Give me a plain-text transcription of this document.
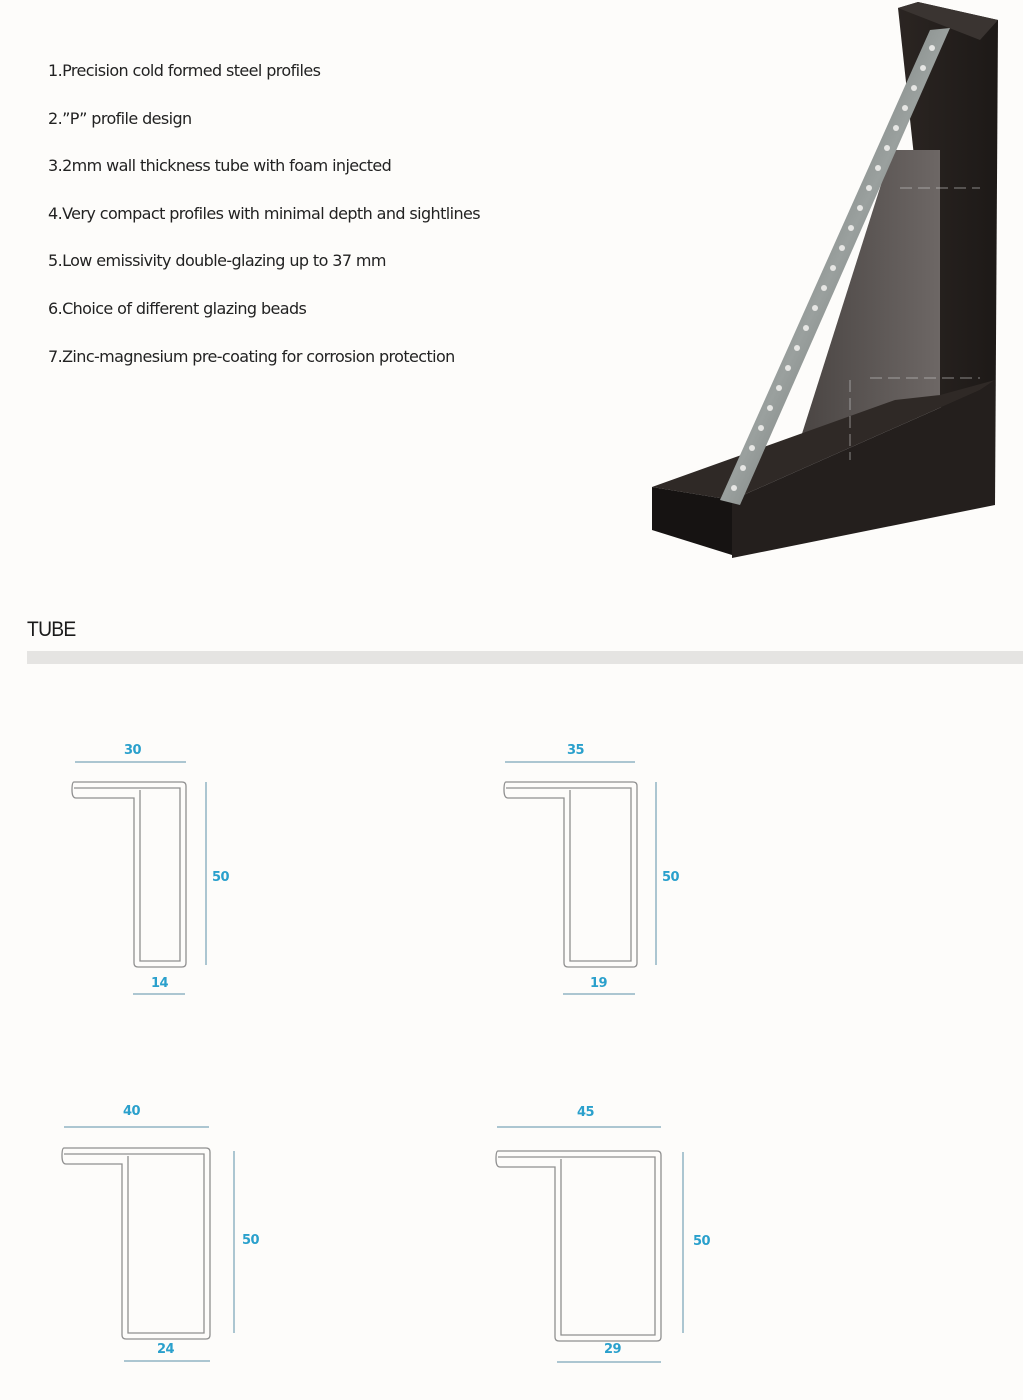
1.Precision cold formed steel profiles
2.”P” profile design
3.2mm wall thickness tube with foam injected
4.Very compact profiles with minimal depth and sightlines
5.Low emissivity double-glazing up to 37 mm
6.Choice of different glazing beads
7.Zinc-magnesium pre-coating for corrosion protection
TUBE
30
50
14
35
50
19
40
50
24
45
50
29
